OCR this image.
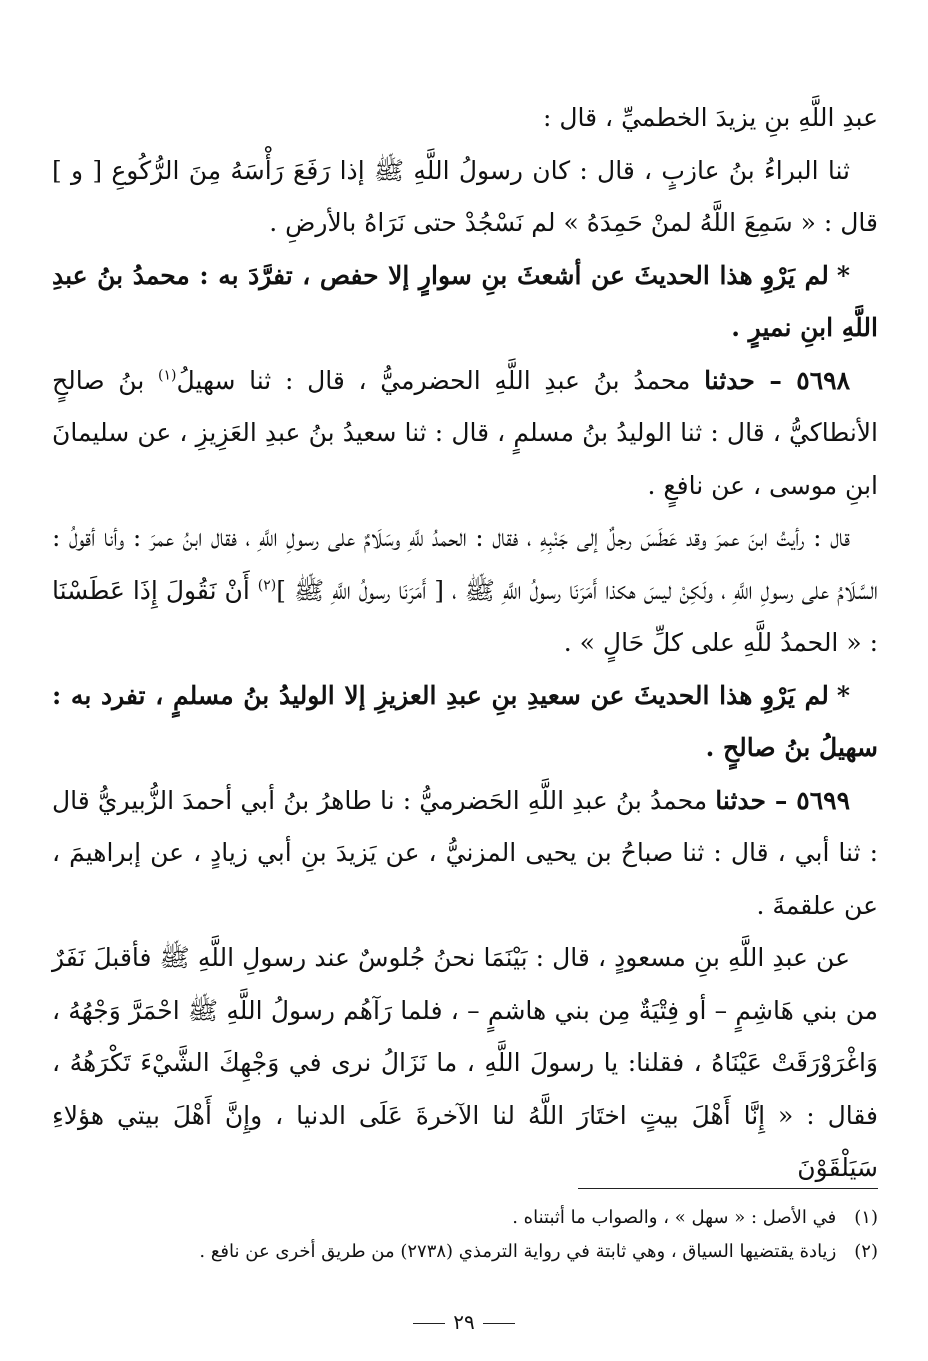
عبدِ اللَّهِ بنِ يزيدَ الخطميِّ ، قال :

ثنا البراءُ بنُ عازبٍ ، قال : كان رسولُ اللَّهِ ﷺ إذا رَفَعَ رَأْسَهُ مِنَ الرُّكُوعِ [ و ] قال : « سَمِعَ اللَّهُ لمنْ حَمِدَهُ » لم نَسْجُدْ حتى نَرَاهُ بالأرضِ .

*لم يَرْوِ هذا الحديثَ عن أشعثَ بنِ سوارٍ إلا حفص ، تفرَّدَ به : محمدُ بنُ عبدِ اللَّهِ ابنِ نميرٍ .

٥٦٩٨ – حدثنا محمدُ بنُ عبدِ اللَّهِ الحضرميُّ ، قال : ثنا سهيلُ$^{(١)}$ بنُ صالحٍ الأنطاكيُّ ، قال : ثنا الوليدُ بنُ مسلمٍ ، قال : ثنا سعيدُ بنُ عبدِ العَزِيزِ ، عن سليمانَ ابنِ موسى ، عن نافعٍ .

قال : رأيتُ ابنَ عمرَ وقد عَطَسَ رجلٌ إلى جَنْبِهِ ، فقال : الحمدُ للَّهِ وسَلَامٌ على رسولِ اللَّهِ ، فقال ابنُ عمرَ : وأنا أقولُ : السَّلَامُ على رسولِ اللَّهِ ، ولَكِنْ ليسَ هكذا أَمَرَنَا رسولُ اللَّهِ ﷺ ، [ أَمَرَنَا رسولُ اللَّهِ ﷺ ]$^{(٢)}$ أَنْ نَقُولَ إِذَا عَطَسْنَا : « الحمدُ للَّهِ على كلِّ حَالٍ » .

*لم يَرْوِ هذا الحديثَ عن سعيدِ بنِ عبدِ العزيزِ إلا الوليدُ بنُ مسلمٍ ، تفرد به : سهيلُ بنُ صالحٍ .

٥٦٩٩ – حدثنا محمدُ بنُ عبدِ اللَّهِ الحَضرميُّ : نا طاهرُ بنُ أبي أحمدَ الزُّبيريُّ قال : ثنا أبي ، قال : ثنا صباحُ بن يحيى المزنيُّ ، عن يَزيدَ بنِ أبي زيادٍ ، عن إبراهيمَ ، عن علقمةَ .

عن عبدِ اللَّهِ بنِ مسعودٍ ، قال : بَيْنَمَا نحنُ جُلوسٌ عند رسولِ اللَّهِ ﷺ فأقبلَ نَفَرٌ من بني هَاشِمٍ – أو فِتْيَةٌ مِن بني هاشمٍ – ، فلما رَآهُم رسولُ اللَّهِ ﷺ احْمَرَّ وَجْهُهُ ، وَاغْرَوْرَقَتْ عَيْنَاهُ ، فقلنا: يا رسولَ اللَّهِ ، ما نَزَالُ نرى في وَجْهِكَ الشَّيْءَ تَكْرَهُهُ ، فقال : « إِنَّا أَهْلَ بيتٍ اختَارَ اللَّهُ لنا الآخرةَ عَلَى الدنيا ، وإِنَّ أَهْلَ بيتي هؤلاءِ سَيَلْقَوْنَ

(١) في الأصل : « سهل » ، والصواب ما أثبتناه .

(٢) زيادة يقتضيها السياق ، وهي ثابتة في رواية الترمذي (٢٧٣٨) من طريق أخرى عن نافع .

٢٩
